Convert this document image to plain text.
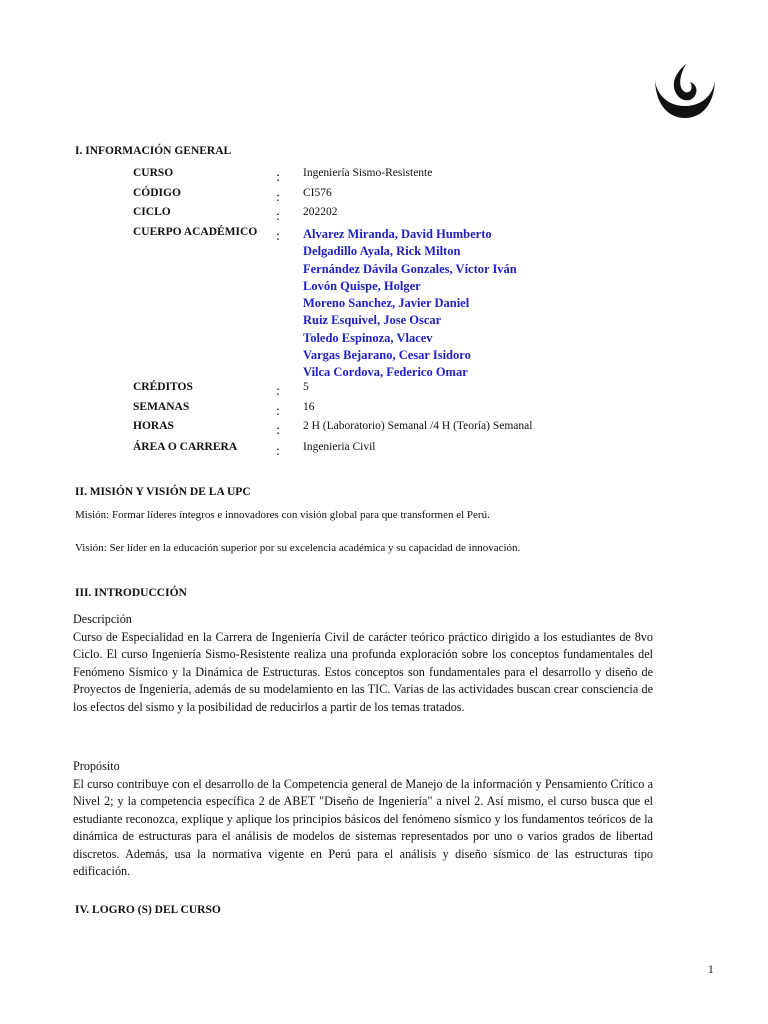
I. INFORMACIÓN GENERAL
CURSO	: Ingeniería Sismo-Resistente
CÓDIGO	: CI576
CICLO	: 202202
CUERPO ACADÉMICO : Alvarez Miranda, David Humberto
Delgadillo Ayala, Rick Milton
Fernández Dávila Gonzales, Víctor Iván
Lovón Quispe, Holger
Moreno Sanchez, Javier Daniel
Ruiz Esquivel, Jose Oscar
Toledo Espinoza, Vlacev
Vargas Bejarano, Cesar Isidoro
Vilca Cordova, Federico Omar
CRÉDITOS	: 5
SEMANAS	: 16
HORAS	: 2 H (Laboratorio) Semanal /4 H (Teoría) Semanal
ÁREA O CARRERA	: Ingenieria Civil
II. MISIÓN Y VISIÓN DE LA UPC
Misión: Formar líderes íntegros e innovadores con visión global para que transformen el Perú.
Visión: Ser líder en la educación superior por su excelencia académica y su capacidad de innovación.
III. INTRODUCCIÓN
Descripción
Curso de Especialidad en la Carrera de Ingeniería Civil de carácter teórico práctico dirigido a los estudiantes de 8vo Ciclo. El curso Ingeniería Sismo-Resistente realiza una profunda exploración sobre los conceptos fundamentales del Fenómeno Sísmico y la Dinámica de Estructuras. Estos conceptos son fundamentales para el desarrollo y diseño de Proyectos de Ingeniería, además de su modelamiento en las TIC. Varias de las actividades buscan crear consciencia de los efectos del sismo y la posibilidad de reducirlos a partir de los temas tratados.
Propósito
El curso contribuye con el desarrollo de la Competencia general de Manejo de la información y Pensamiento Crítico a Nivel 2; y la competencia específica 2 de ABET "Diseño de Ingeniería" a nivel 2. Así mismo, el curso busca que el estudiante reconozca, explique y aplique los principios básicos del fenómeno sísmico y los fundamentos teóricos de la dinámica de estructuras para el análisis de modelos de sistemas representados por uno o varios grados de libertad discretos. Además, usa la normativa vigente en Perú para el análisis y diseño sísmico de las estructuras tipo edificación.
IV. LOGRO (S) DEL CURSO
1
